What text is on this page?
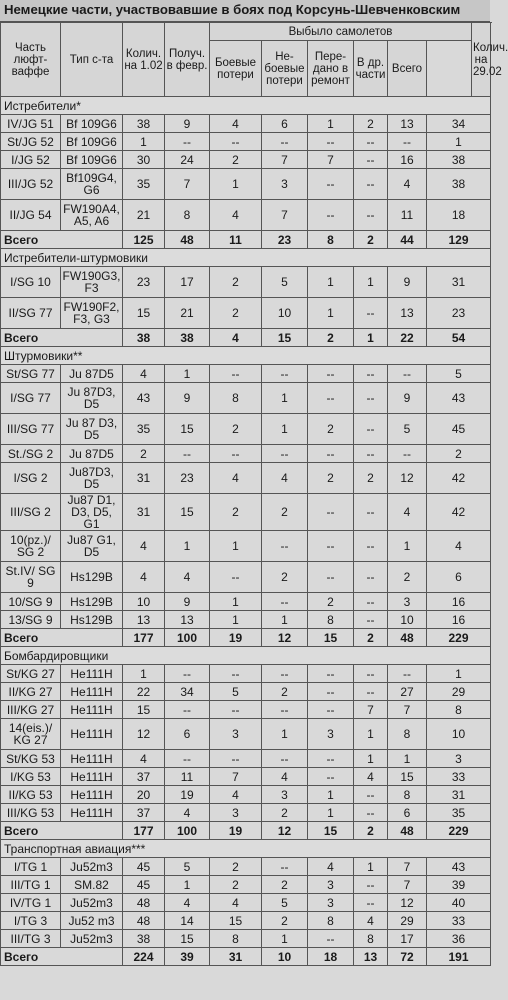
Немецкие части, участвовавшие в боях под Корсунь-Шевченковским
Часть люфт-ваффе	Тип с-та	Колич. на 1.02	Получ. в февр.	Выбыло самолетов						Колич. на 29.02
				Боевые потери	Не-боевые потери	Пере-дано в ремонт	В др. части	Всего		
Истребители*										
IV/JG 51	Bf 109G6	38	9	4	6	1	2	13	34	
St/JG 52	Bf 109G6	1	--	--	--	--	--	--	1	
I/JG 52	Bf 109G6	30	24	2	7	7	--	16	38	
III/JG 52	Bf109G4, G6	35	7	1	3	--	--	4	38	
II/JG 54	FW190A4, A5, A6	21	8	4	7	--	--	11	18	
Всего		125	48	11	23	8	2	44	129	
Истребители-штурмовики										
I/SG 10	FW190G3, F3	23	17	2	5	1	1	9	31	
II/SG 77	FW190F2, F3, G3	15	21	2	10	1	--	13	23	
Всего		38	38	4	15	2	1	22	54	
Штурмовики**										
St/SG 77	Ju 87D5	4	1	--	--	--	--	--	5	
I/SG 77	Ju 87D3, D5	43	9	8	1	--	--	9	43	
III/SG 77	Ju 87 D3, D5	35	15	2	1	2	--	5	45	
St./SG 2	Ju 87D5	2	--	--	--	--	--	--	2	
I/SG 2	Ju87D3, D5	31	23	4	4	2	2	12	42	
III/SG 2	Ju87 D1, D3, D5, G1	31	15	2	2	--	--	4	42	
10(pz.)/ SG 2	Ju87 G1, D5	4	1	1	--	--	--	1	4	
St.IV/ SG 9	Hs129B	4	4	--	2	--	--	2	6	
10/SG 9	Hs129B	10	9	1	--	2	--	3	16	
13/SG 9	Hs129B	13	13	1	1	8	--	10	16	
Всего		177	100	19	12	15	2	48	229	
Бомбардировщики										
St/KG 27	He111H	1	--	--	--	--	--	--	1	
II/KG 27	He111H	22	34	5	2	--	--	27	29	
III/KG 27	He111H	15	--	--	--	--	7	7	8	
14(eis.)/ KG 27	He111H	12	6	3	1	3	1	8	10	
St/KG 53	He111H	4	--	--	--	--	1	1	3	
I/KG 53	He111H	37	11	7	4	--	4	15	33	
II/KG 53	He111H	20	19	4	3	1	--	8	31	
III/KG 53	He111H	37	4	3	2	1	--	6	35	
Всего		177	100	19	12	15	2	48	229	
Транспортная авиация***										
I/TG 1	Ju52m3	45	5	2	--	4	1	7	43	
III/TG 1	SM.82	45	1	2	2	3	--	7	39	
IV/TG 1	Ju52m3	48	4	4	5	3	--	12	40	
I/TG 3	Ju52 m3	48	14	15	2	8	4	29	33	
III/TG 3	Ju52m3	38	15	8	1	--	8	17	36	
Всего		224	39	31	10	18	13	72	191	
